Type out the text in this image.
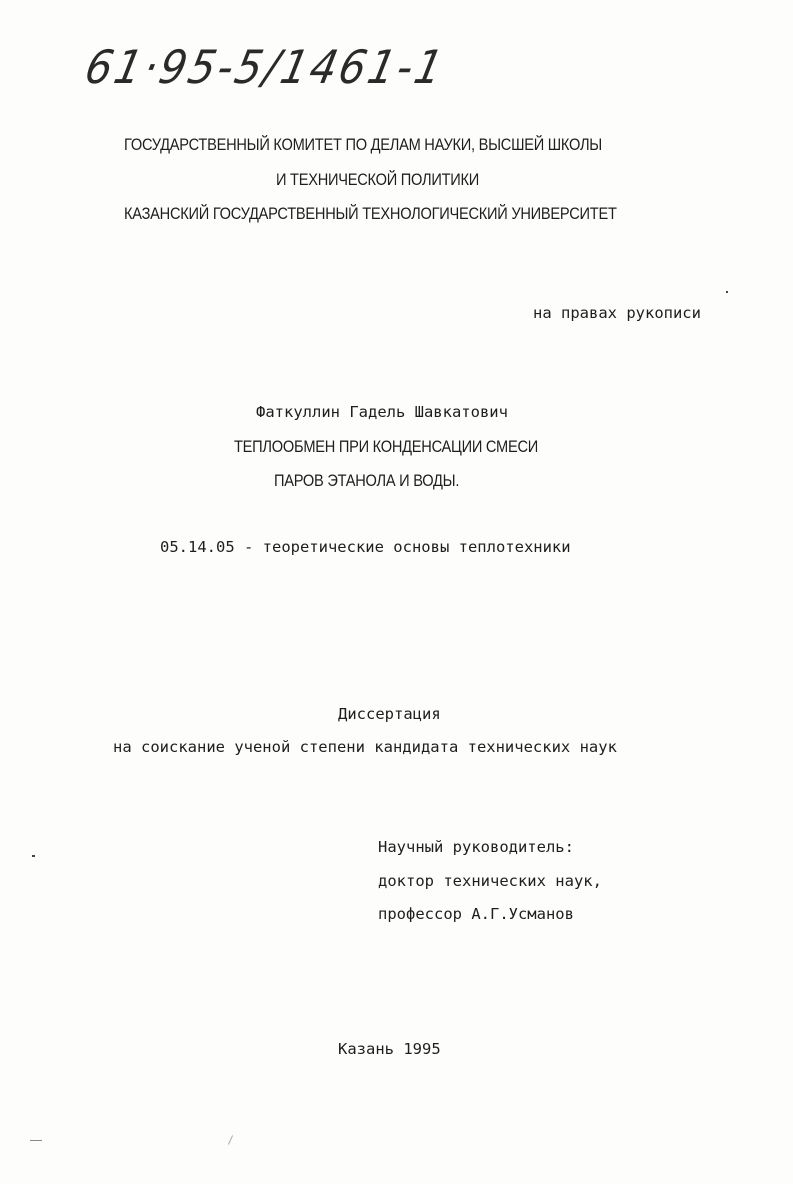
61·95-5/1461-1
ГОСУДАРСТВЕННЫЙ КОМИТЕТ ПО ДЕЛАМ НАУКИ, ВЫСШЕЙ ШКОЛЫ
И ТЕХНИЧЕСКОЙ ПОЛИТИКИ
КАЗАНСКИЙ ГОСУДАРСТВЕННЫЙ ТЕХНОЛОГИЧЕСКИЙ УНИВЕРСИТЕТ
на правах рукописи
Фаткуллин Гадель Шавкатович
ТЕПЛООБМЕН ПРИ КОНДЕНСАЦИИ СМЕСИ
ПАРОВ ЭТАНОЛА И ВОДЫ.
05.14.05 - теоретические основы теплотехники
Диссертация
на соискание ученой степени кандидата технических наук
Научный руководитель:
доктор технических наук,
профессор А.Г.Усманов
Казань 1995
